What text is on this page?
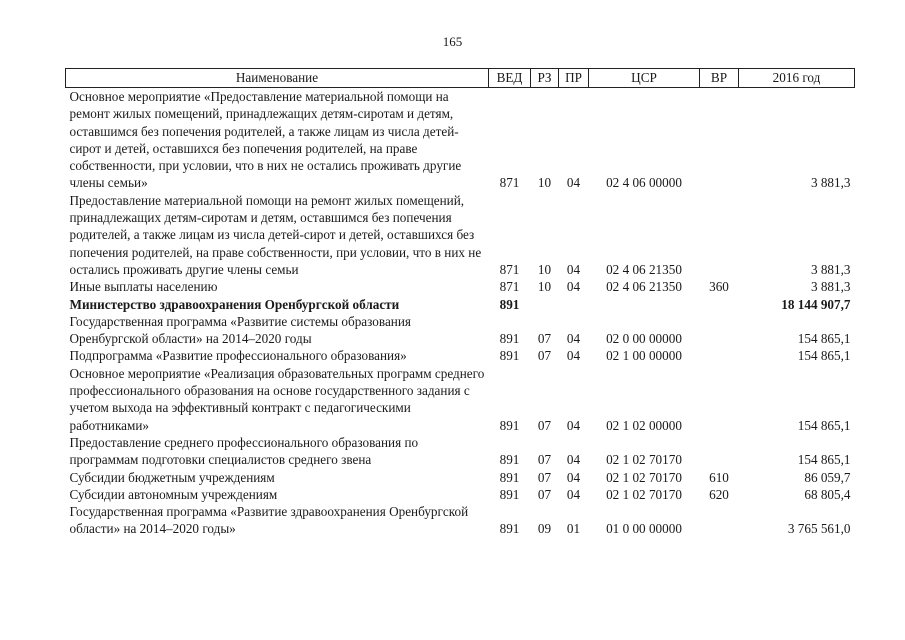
165
Наименование	ВЕД	РЗ	ПР	ЦСР	ВР	2016 год
Основное мероприятие «Предоставление материальной помощи на ремонт жилых помещений, принадлежащих детям-сиротам и детям, оставшимся без попечения родителей, а также лицам из числа детей-сирот и детей, оставшихся без попечения родителей, на праве собственности, при условии, что в них не остались проживать другие члены семьи»	871	10	04	02 4 06 00000		3 881,3
Предоставление материальной помощи на ремонт жилых помещений, принадлежащих детям-сиротам и детям, оставшимся без попечения родителей, а также лицам из числа детей-сирот и детей, оставшихся без попечения родителей, на праве собственности, при условии, что в них не остались проживать другие члены семьи	871	10	04	02 4 06 21350		3 881,3
Иные выплаты населению	871	10	04	02 4 06 21350	360	3 881,3
Министерство здравоохранения Оренбургской области	891					18 144 907,7
Государственная программа «Развитие системы образования Оренбургской области» на 2014–2020 годы	891	07	04	02 0 00 00000		154 865,1
Подпрограмма «Развитие профессионального образования»	891	07	04	02 1 00 00000		154 865,1
Основное мероприятие «Реализация образовательных программ среднего профессионального образования на основе государственного задания с учетом выхода на эффективный контракт с педагогическими работниками»	891	07	04	02 1 02 00000		154 865,1
Предоставление среднего профессионального образования по программам подготовки специалистов среднего звена	891	07	04	02 1 02 70170		154 865,1
Субсидии бюджетным учреждениям	891	07	04	02 1 02 70170	610	86 059,7
Субсидии автономным учреждениям	891	07	04	02 1 02 70170	620	68 805,4
Государственная программа «Развитие здравоохранения Оренбургской области» на 2014–2020 годы»	891	09	01	01 0 00 00000		3 765 561,0
